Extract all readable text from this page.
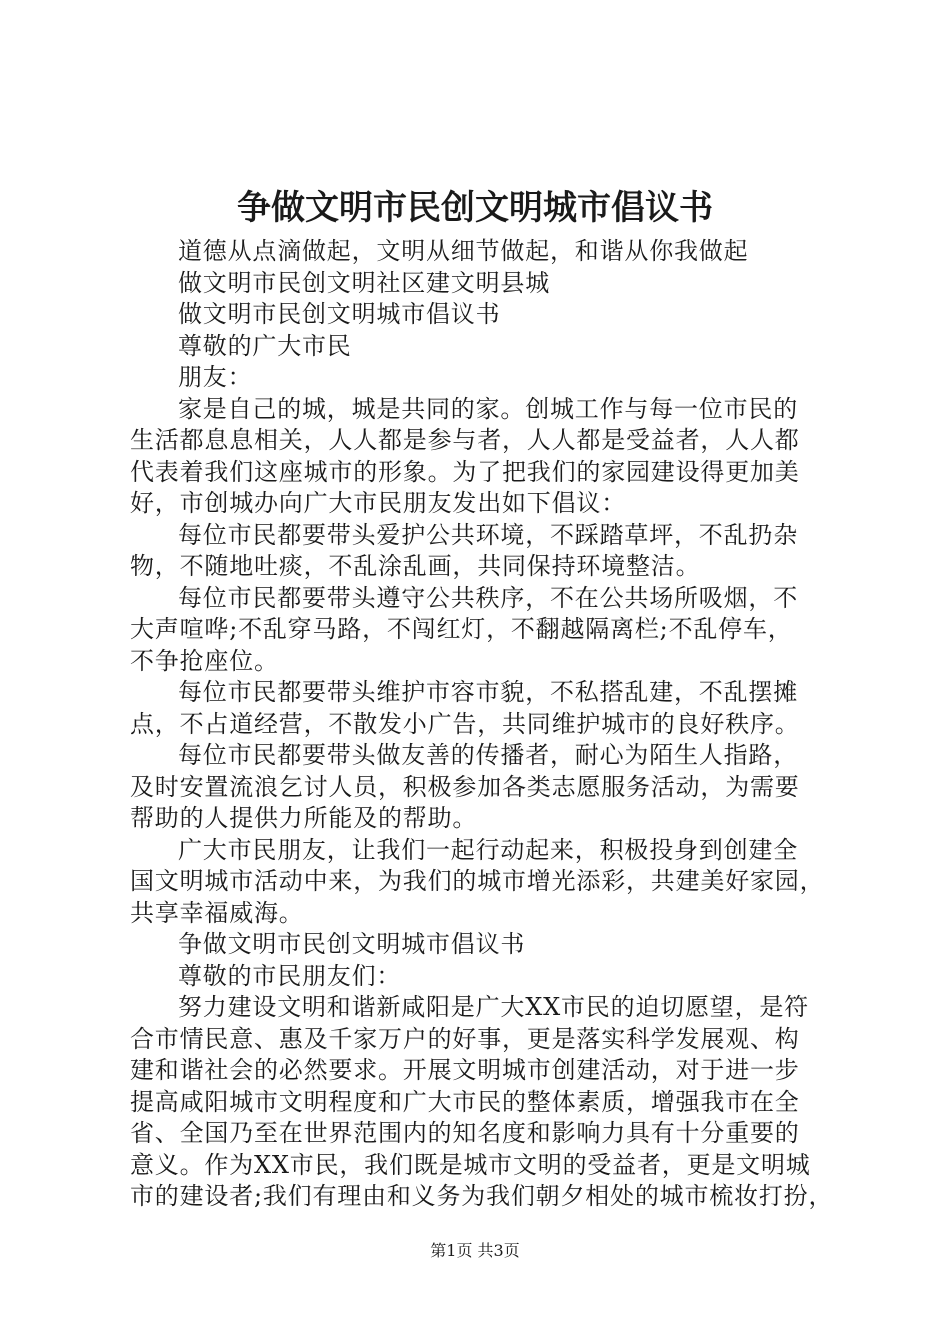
争做文明市民创文明城市倡议书
道德从点滴做起，文明从细节做起，和谐从你我做起
做文明市民创文明社区建文明县城
做文明市民创文明城市倡议书
尊敬的广大市民
朋友：
家是自己的城，城是共同的家。创城工作与每一位市民的
生活都息息相关，人人都是参与者，人人都是受益者，人人都
代表着我们这座城市的形象。为了把我们的家园建设得更加美
好，市创城办向广大市民朋友发出如下倡议：
每位市民都要带头爱护公共环境，不踩踏草坪，不乱扔杂
物，不随地吐痰，不乱涂乱画，共同保持环境整洁。
每位市民都要带头遵守公共秩序，不在公共场所吸烟，不
大声喧哗;不乱穿马路，不闯红灯，不翻越隔离栏;不乱停车，
不争抢座位。
每位市民都要带头维护市容市貌，不私搭乱建，不乱摆摊
点，不占道经营，不散发小广告，共同维护城市的良好秩序。
每位市民都要带头做友善的传播者，耐心为陌生人指路，
及时安置流浪乞讨人员，积极参加各类志愿服务活动，为需要
帮助的人提供力所能及的帮助。
广大市民朋友，让我们一起行动起来，积极投身到创建全
国文明城市活动中来，为我们的城市增光添彩，共建美好家园，
共享幸福威海。
争做文明市民创文明城市倡议书
尊敬的市民朋友们：
努力建设文明和谐新咸阳是广大XX市民的迫切愿望，是符
合市情民意、惠及千家万户的好事，更是落实科学发展观、构
建和谐社会的必然要求。开展文明城市创建活动，对于进一步
提高咸阳城市文明程度和广大市民的整体素质，增强我市在全
省、全国乃至在世界范围内的知名度和影响力具有十分重要的
意义。作为XX市民，我们既是城市文明的受益者，更是文明城
市的建设者;我们有理由和义务为我们朝夕相处的城市梳妆打扮，
第1页 共3页
